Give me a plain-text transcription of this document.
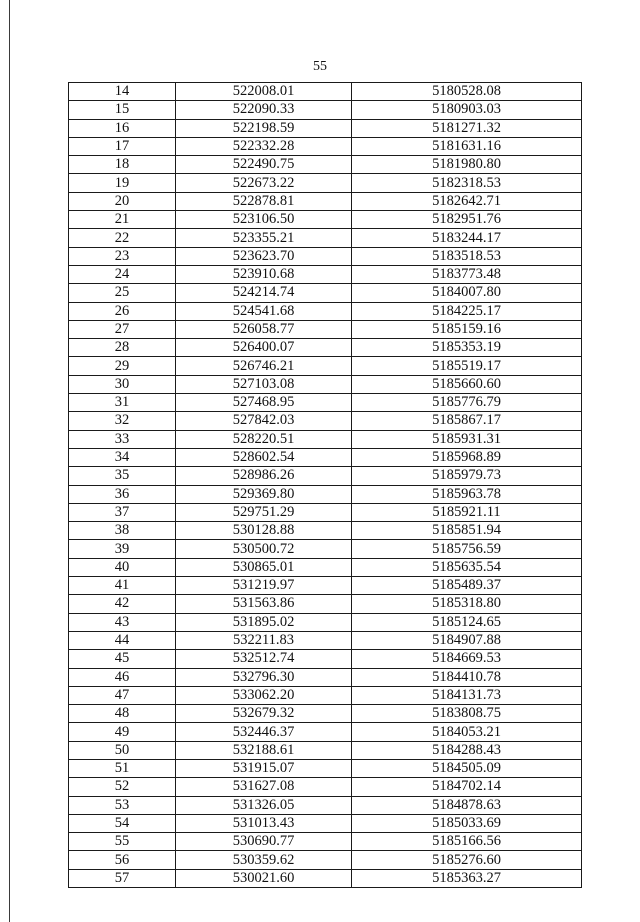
55
14	522008.01	5180528.08
15	522090.33	5180903.03
16	522198.59	5181271.32
17	522332.28	5181631.16
18	522490.75	5181980.80
19	522673.22	5182318.53
20	522878.81	5182642.71
21	523106.50	5182951.76
22	523355.21	5183244.17
23	523623.70	5183518.53
24	523910.68	5183773.48
25	524214.74	5184007.80
26	524541.68	5184225.17
27	526058.77	5185159.16
28	526400.07	5185353.19
29	526746.21	5185519.17
30	527103.08	5185660.60
31	527468.95	5185776.79
32	527842.03	5185867.17
33	528220.51	5185931.31
34	528602.54	5185968.89
35	528986.26	5185979.73
36	529369.80	5185963.78
37	529751.29	5185921.11
38	530128.88	5185851.94
39	530500.72	5185756.59
40	530865.01	5185635.54
41	531219.97	5185489.37
42	531563.86	5185318.80
43	531895.02	5185124.65
44	532211.83	5184907.88
45	532512.74	5184669.53
46	532796.30	5184410.78
47	533062.20	5184131.73
48	532679.32	5183808.75
49	532446.37	5184053.21
50	532188.61	5184288.43
51	531915.07	5184505.09
52	531627.08	5184702.14
53	531326.05	5184878.63
54	531013.43	5185033.69
55	530690.77	5185166.56
56	530359.62	5185276.60
57	530021.60	5185363.27
